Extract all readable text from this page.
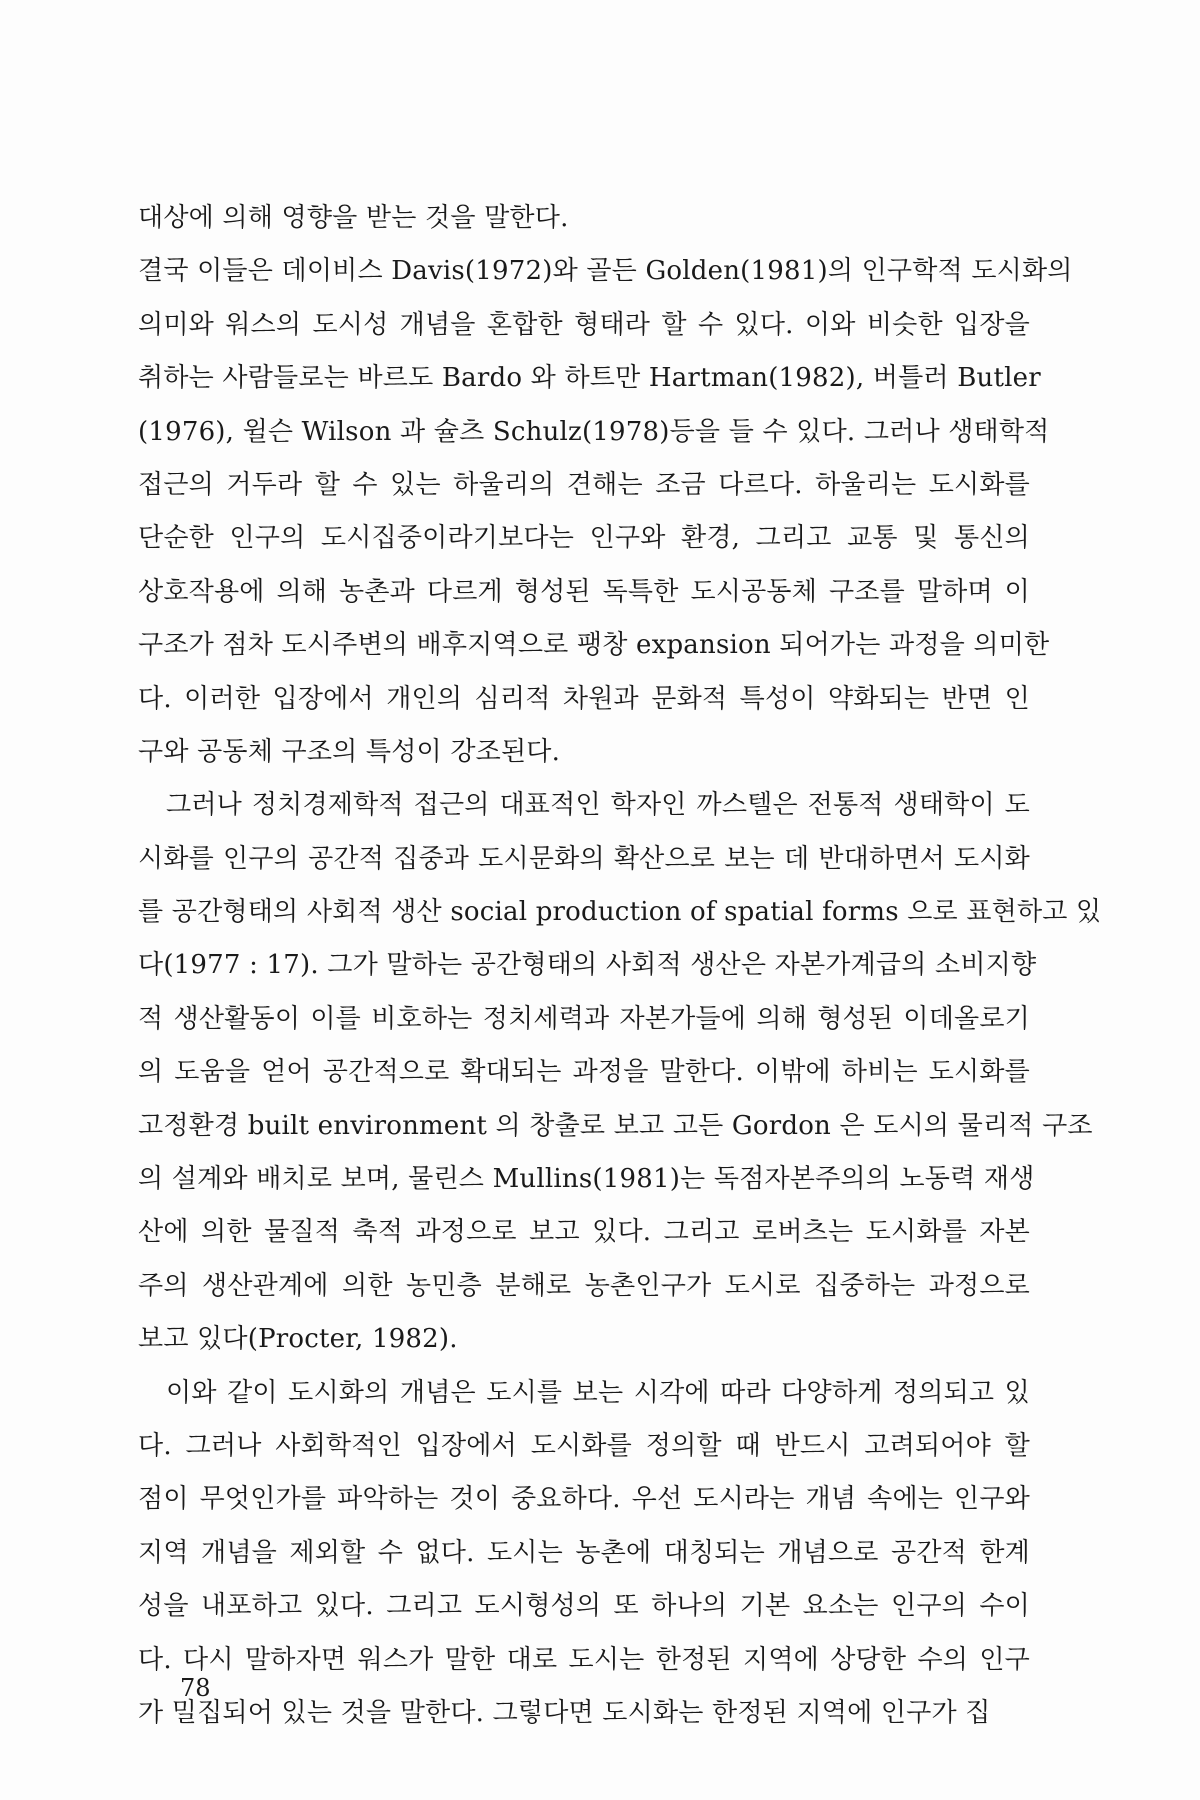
대상에 의해 영향을 받는 것을 말한다.
결국 이들은 데이비스 Davis(1972)와 골든 Golden(1981)의 인구학적 도시화의
의미와 워스의 도시성 개념을 혼합한 형태라 할 수 있다. 이와 비슷한 입장을
취하는 사람들로는 바르도 Bardo 와 하트만 Hartman(1982), 버틀러 Butler
(1976), 윌슨 Wilson 과 슐츠 Schulz(1978)등을 들 수 있다. 그러나 생태학적
접근의 거두라 할 수 있는 하울리의 견해는 조금 다르다. 하울리는 도시화를
단순한 인구의 도시집중이라기보다는 인구와 환경, 그리고 교통 및 통신의
상호작용에 의해 농촌과 다르게 형성된 독특한 도시공동체 구조를 말하며 이
구조가 점차 도시주변의 배후지역으로 팽창 expansion 되어가는 과정을 의미한
다. 이러한 입장에서 개인의 심리적 차원과 문화적 특성이 약화되는 반면 인
구와 공동체 구조의 특성이 강조된다.
그러나 정치경제학적 접근의 대표적인 학자인 까스텔은 전통적 생태학이 도
시화를 인구의 공간적 집중과 도시문화의 확산으로 보는 데 반대하면서 도시화
를 공간형태의 사회적 생산 social production of spatial forms 으로 표현하고 있
다(1977 : 17). 그가 말하는 공간형태의 사회적 생산은 자본가계급의 소비지향
적 생산활동이 이를 비호하는 정치세력과 자본가들에 의해 형성된 이데올로기
의 도움을 얻어 공간적으로 확대되는 과정을 말한다. 이밖에 하비는 도시화를
고정환경 built environment 의 창출로 보고 고든 Gordon 은 도시의 물리적 구조
의 설계와 배치로 보며, 물린스 Mullins(1981)는 독점자본주의의 노동력 재생
산에 의한 물질적 축적 과정으로 보고 있다. 그리고 로버츠는 도시화를 자본
주의 생산관계에 의한 농민층 분해로 농촌인구가 도시로 집중하는 과정으로
보고 있다(Procter, 1982).
이와 같이 도시화의 개념은 도시를 보는 시각에 따라 다양하게 정의되고 있
다. 그러나 사회학적인 입장에서 도시화를 정의할 때 반드시 고려되어야 할
점이 무엇인가를 파악하는 것이 중요하다. 우선 도시라는 개념 속에는 인구와
지역 개념을 제외할 수 없다. 도시는 농촌에 대칭되는 개념으로 공간적 한계
성을 내포하고 있다. 그리고 도시형성의 또 하나의 기본 요소는 인구의 수이
다. 다시 말하자면 워스가 말한 대로 도시는 한정된 지역에 상당한 수의 인구
가 밀집되어 있는 것을 말한다. 그렇다면 도시화는 한정된 지역에 인구가 집
78
